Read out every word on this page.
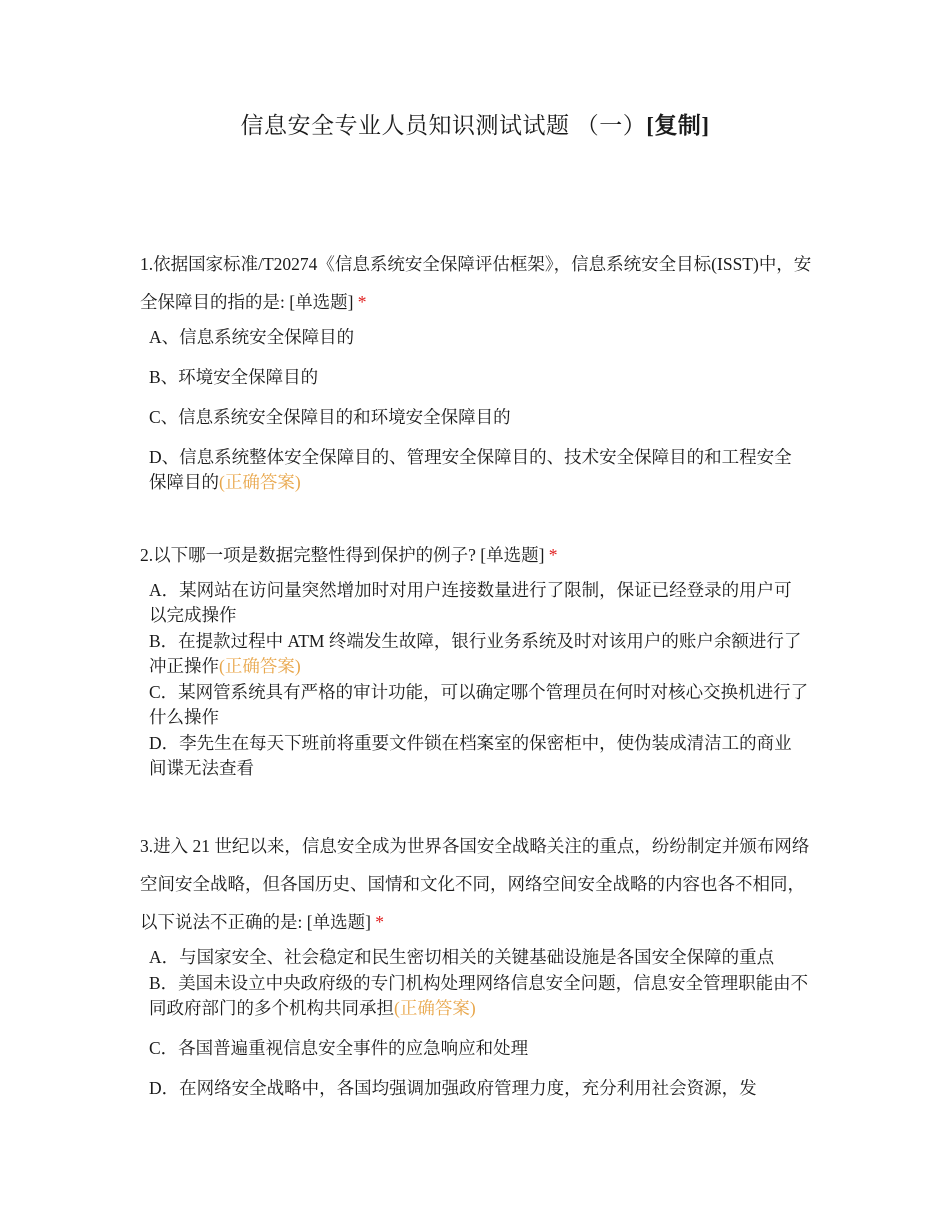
信息安全专业人员知识测试试题 （一）[复制]

1.依据国家标准/T20274《信息系统安全保障评估框架》，信息系统安全目标(ISST)中，安全保障目的指的是: [单选题] *

A、信息系统安全保障目的
B、环境安全保障目的
C、信息系统安全保障目的和环境安全保障目的
D、信息系统整体安全保障目的、管理安全保障目的、技术安全保障目的和工程安全保障目的(正确答案)

2.以下哪一项是数据完整性得到保护的例子? [单选题] *

A．某网站在访问量突然增加时对用户连接数量进行了限制，保证已经登录的用户可以完成操作
B．在提款过程中 ATM 终端发生故障，银行业务系统及时对该用户的账户余额进行了冲正操作(正确答案)
C．某网管系统具有严格的审计功能，可以确定哪个管理员在何时对核心交换机进行了什么操作
D．李先生在每天下班前将重要文件锁在档案室的保密柜中，使伪装成清洁工的商业间谍无法查看

3.进入 21 世纪以来，信息安全成为世界各国安全战略关注的重点，纷纷制定并颁布网络空间安全战略，但各国历史、国情和文化不同，网络空间安全战略的内容也各不相同，以下说法不正确的是: [单选题] *

A．与国家安全、社会稳定和民生密切相关的关键基础设施是各国安全保障的重点
B．美国未设立中央政府级的专门机构处理网络信息安全问题，信息安全管理职能由不同政府部门的多个机构共同承担(正确答案)
C．各国普遍重视信息安全事件的应急响应和处理
D．在网络安全战略中，各国均强调加强政府管理力度，充分利用社会资源，发
